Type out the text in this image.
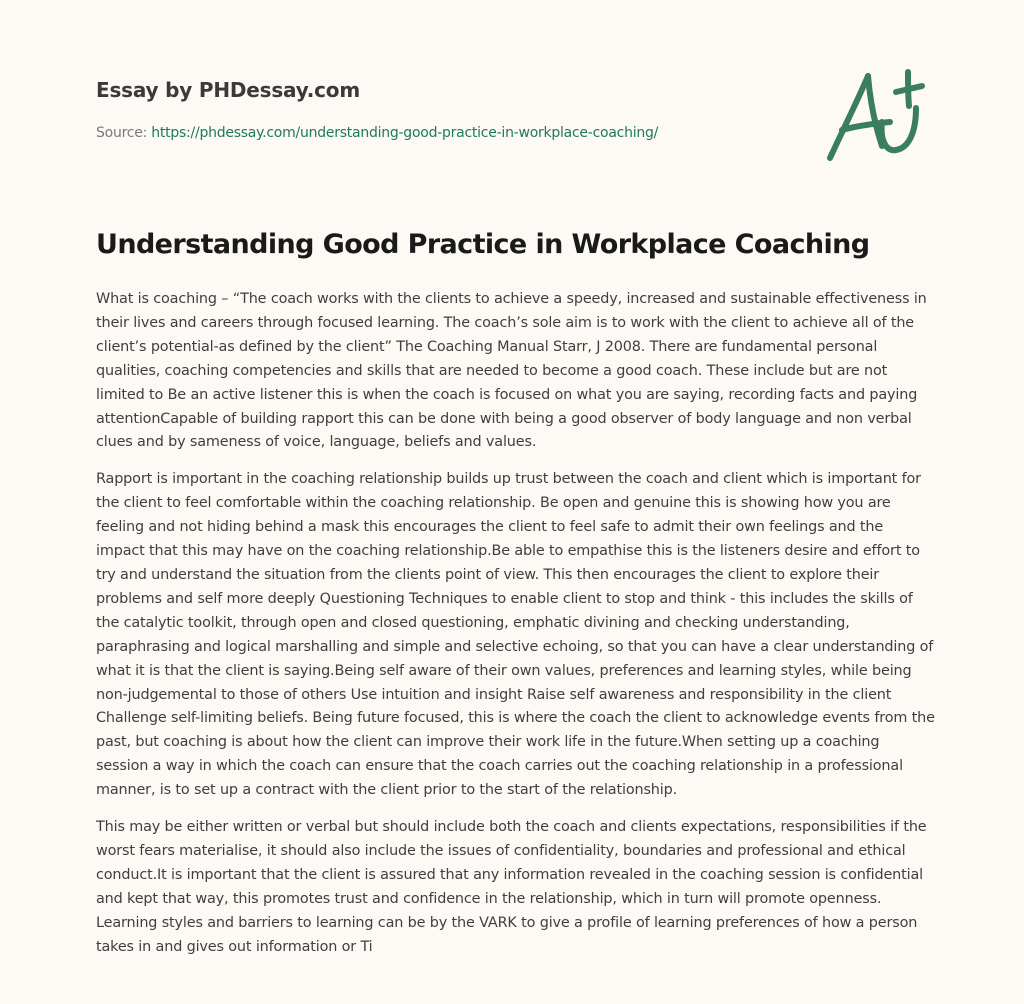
Essay by PHDessay.com
Source: https://phdessay.com/understanding-good-practice-in-workplace-coaching/
Understanding Good Practice in Workplace Coaching

What is coaching – “The coach works with the clients to achieve a speedy, increased and sustainable effectiveness in their lives and careers through focused learning. The coach’s sole aim is to work with the client to achieve all of the client’s potential-as defined by the client” The Coaching Manual Starr, J 2008. There are fundamental personal qualities, coaching competencies and skills that are needed to become a good coach. These include but are not limited to Be an active listener this is when the coach is focused on what you are saying, recording facts and paying attentionCapable of building rapport this can be done with being a good observer of body language and non verbal clues and by sameness of voice, language, beliefs and values.

Rapport is important in the coaching relationship builds up trust between the coach and client which is important for the client to feel comfortable within the coaching relationship. Be open and genuine this is showing how you are feeling and not hiding behind a mask this encourages the client to feel safe to admit their own feelings and the impact that this may have on the coaching relationship.Be able to empathise this is the listeners desire and effort to try and understand the situation from the clients point of view. This then encourages the client to explore their problems and self more deeply Questioning Techniques to enable client to stop and think - this includes the skills of the catalytic toolkit, through open and closed questioning, emphatic divining and checking understanding, paraphrasing and logical marshalling and simple and selective echoing, so that you can have a clear understanding of what it is that the client is saying.Being self aware of their own values, preferences and learning styles, while being non-judgemental to those of others Use intuition and insight Raise self awareness and responsibility in the client Challenge self-limiting beliefs. Being future focused, this is where the coach the client to acknowledge events from the past, but coaching is about how the client can improve their work life in the future.When setting up a coaching session a way in which the coach can ensure that the coach carries out the coaching relationship in a professional manner, is to set up a contract with the client prior to the start of the relationship.

This may be either written or verbal but should include both the coach and clients expectations, responsibilities if the worst fears materialise, it should also include the issues of confidentiality, boundaries and professional and ethical conduct.It is important that the client is assured that any information revealed in the coaching session is confidential and kept that way, this promotes trust and confidence in the relationship, which in turn will promote openness. Learning styles and barriers to learning can be by the VARK to give a profile of learning preferences of how a person takes in and gives out information or Ti
